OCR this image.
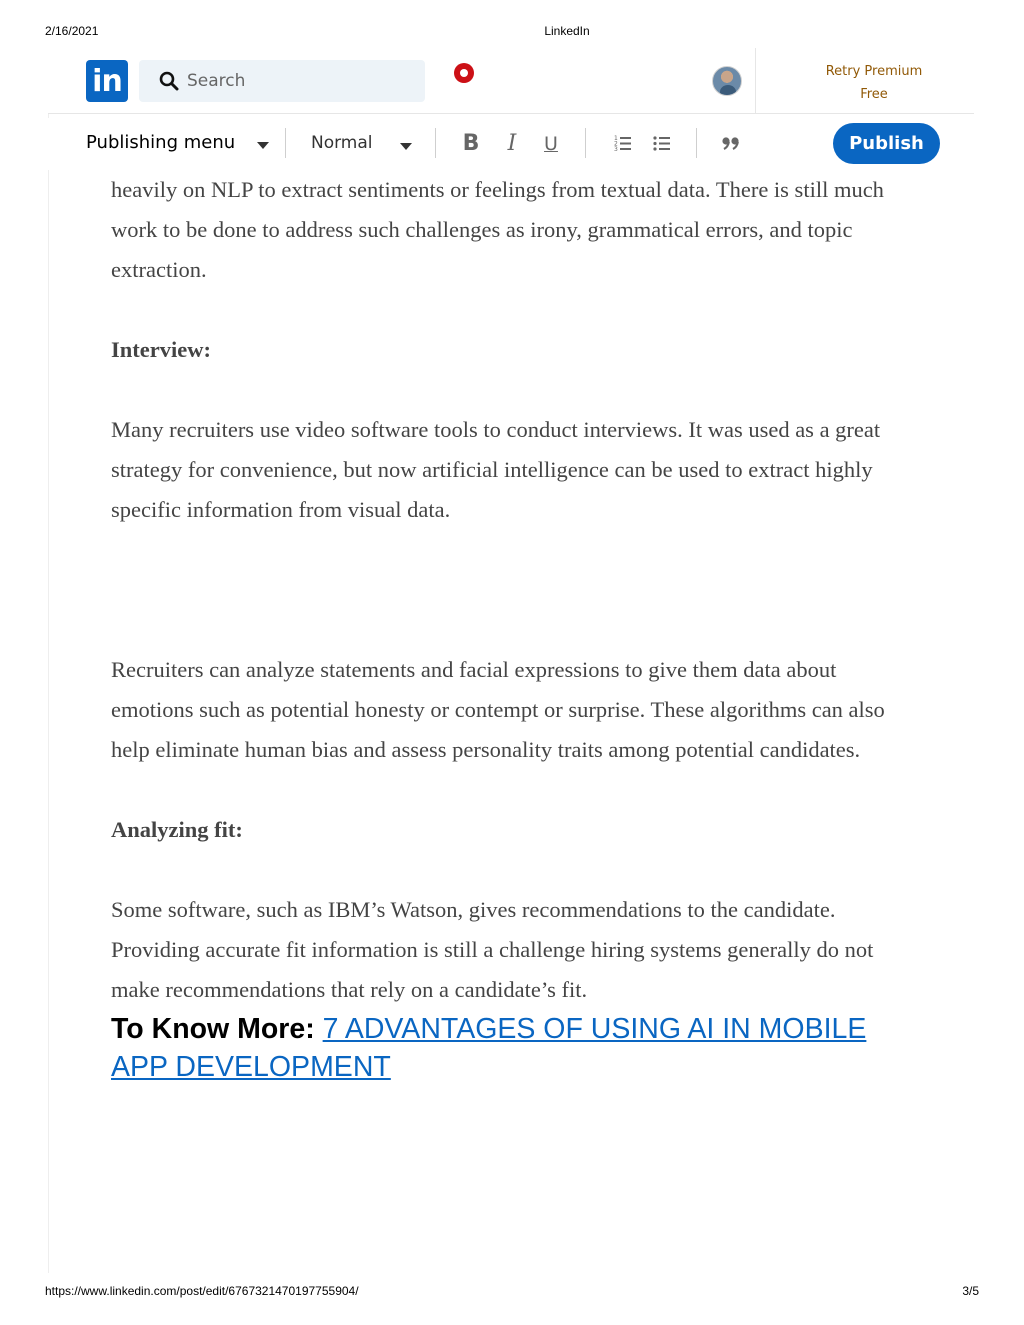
2/16/2021	LinkedIn
in
Search	Retry Premium
Free
Publishing menu	Normal	B I U	1
2
3	Publish

heavily on NLP to extract sentiments or feelings from textual data. There is still much work to be done to address such challenges as irony, grammatical errors, and topic extraction.

Interview:

Many recruiters use video software tools to conduct interviews. It was used as a great strategy for convenience, but now artificial intelligence can be used to extract highly specific information from visual data.

Recruiters can analyze statements and facial expressions to give them data about emotions such as potential honesty or contempt or surprise. These algorithms can also help eliminate human bias and assess personality traits among potential candidates.

Analyzing fit:

Some software, such as IBM’s Watson, gives recommendations to the candidate. Providing accurate fit information is still a challenge hiring systems generally do not make recommendations that rely on a candidate’s fit.

To Know More: 7 ADVANTAGES OF USING AI IN MOBILE APP DEVELOPMENT

https://www.linkedin.com/post/edit/6767321470197755904/	3/5
